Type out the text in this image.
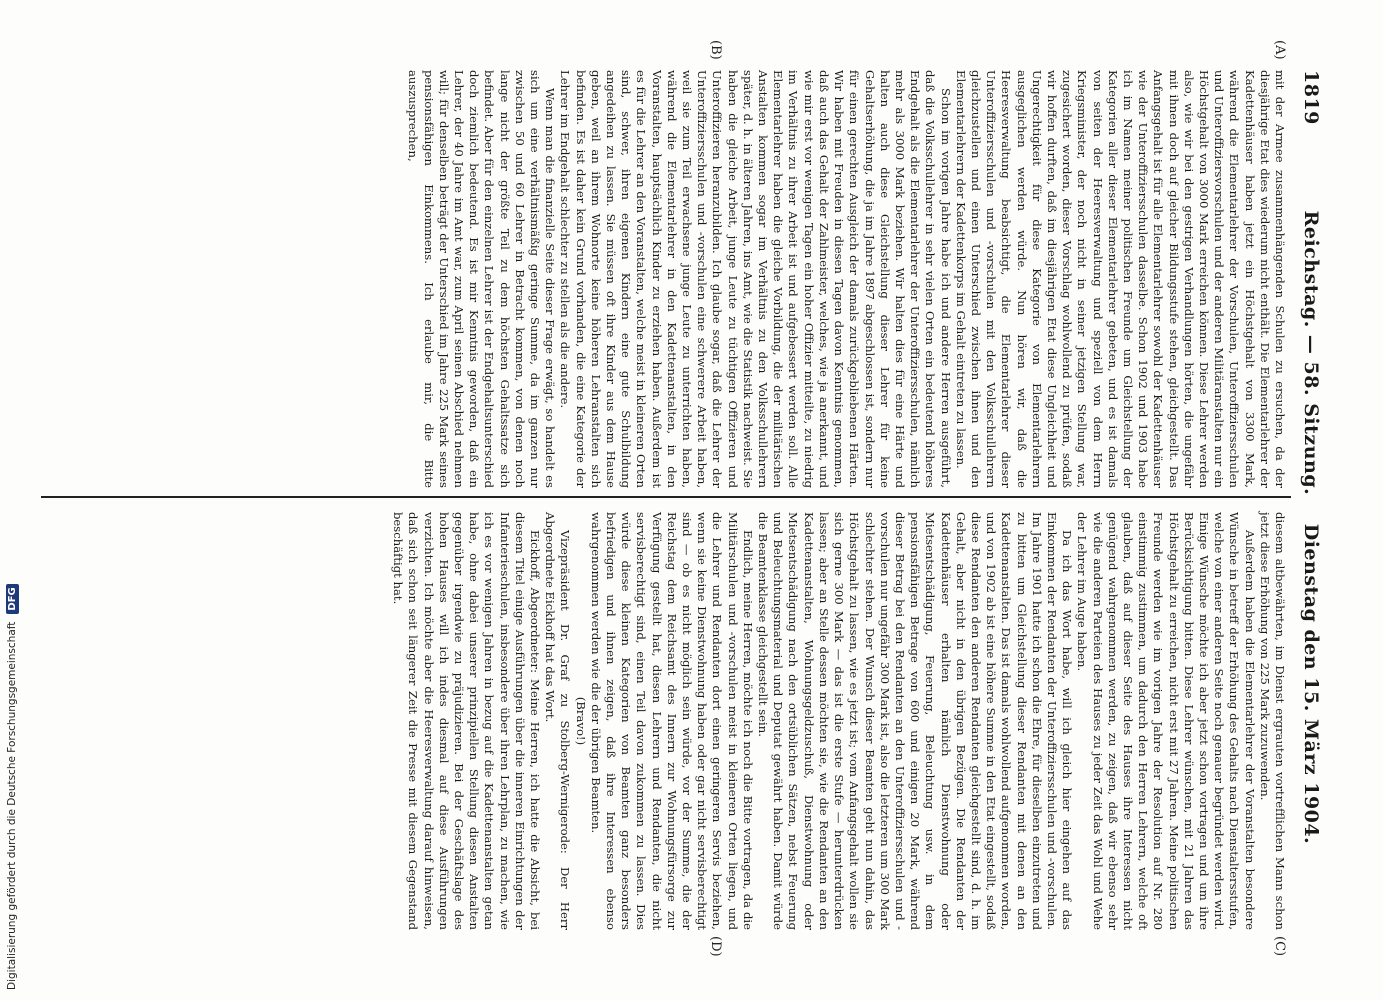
1819
Reichstag. — 58. Sitzung.    Dienstag den 15. März 1904.

diesem altbewährten, im Dienst ergrauten vortrefflichen Mann schon jetzt diese Erhöhung von 225 Mark zuzuwenden.

Außerdem haben die Elementarlehrer der Voranstalten besondere Wünsche in betreff der Erhöhung des Gehalts nach Dienstaltersstufen, welche von einer anderen Seite noch genauer begründet werden wird. Einige Wünsche möchte ich aber jetzt schon vortragen und um ihre Berücksichtigung bitten. Diese Lehrer wünschen, mit 21 Jahren das Höchstgehalt zu erreichen, nicht erst mit 27 Jahren. Meine politischen Freunde werden wie im vorigen Jahre der Resolution auf Nr. 280 einstimmig zustimmen, um dadurch den Herren Lehrern, welche oft glauben, daß auf dieser Seite des Hauses ihre Interessen nicht genügend wahrgenommen werden, zu zeigen, daß wir ebenso sehr wie die anderen Parteien des Hauses zu jeder Zeit das Wohl und Wehe der Lehrer im Auge haben.

Da ich das Wort habe, will ich gleich hier eingehen auf das Einkommen der Rendanten der Unteroffiziersschulen und -vorschulen. Im Jahre 1901 hatte ich schon die Ehre, für dieselben einzutreten und zu bitten um Gleichstellung dieser Rendanten mit denen an den Kadettenanstalten. Das ist damals wohlwollend aufgenommen worden, und von 1902 ab ist eine höhere Summe in den Etat eingestellt, sodaß diese Rendanten den anderen Rendanten gleichgestellt sind, d. h. im Gehalt, aber nicht in den übrigen Bezügen. Die Rendanten der Kadettenhäuser erhalten nämlich Dienstwohnung oder Mietsentschädigung, Feuerung, Beleuchtung usw. in dem pensionsfähigen Betrage von 600 und einigen 20 Mark, während dieser Betrag bei den Rendanten an den Unteroffiziersschulen und -vorschulen nur ungefähr 300 Mark ist, also die letzteren um 300 Mark schlechter stehen. Der Wunsch dieser Beamten geht nun dahin, das Höchstgehalt zu lassen, wie es jetzt ist; vom Anfangsgehalt wollen sie sich gerne 300 Mark — das ist die erste Stufe — herunterdrücken lassen; aber an Stelle dessen möchten sie, wie die Rendanten an den Kadettenanstalten, Wohnungsgeldzuschuß, Dienstwohnung oder Mietsentschädigung nach den ortsüblichen Sätzen, nebst Feuerung und Beleuchtungsmaterial und Deputat gewährt haben. Damit würde die Beamtenklasse gleichgestellt sein.

Endlich, meine Herren, möchte ich noch die Bitte vortragen, da die Militärschulen und -vorschulen meist in kleineren Orten liegen, und die Lehrer und Rendanten dort einen geringeren Servis beziehen, wenn sie keine Dienstwohnung haben oder gar nicht servisberechtigt sind — ob es nicht möglich sein würde, vor der Summe, die der Reichstag dem Reichsamt des Innern zur Wohnungsfürsorge zur Verfügung gestellt hat, diesen Lehrern und Rendanten, die nicht servisberechtigt sind, einen Teil davon zukommen zu lassen. Dies würde diese kleinen Kategorien von Beamten ganz besonders befriedigen und ihnen zeigen, daß ihre Interessen ebenso wahrgenommen werden wie die der übrigen Beamten.

(Bravo!)

Vizepräsident Dr. Graf zu Stolberg-Wernigerode: Der Herr Abgeordnete Eickhoff hat das Wort.

Eickhoff, Abgeordneter: Meine Herren, ich hatte die Absicht, bei diesem Titel einige Ausführungen über die inneren Einrichtungen der Infanterieschulen, insbesondere über ihren Lehrplan, zu machen, wie ich es vor wenigen Jahren in bezug auf die Kadettenanstalten getan habe, ohne dabei unserer prinzipiellen Stellung diesen Anstalten gegenüber irgendwie zu präjudizieren. Bei der Geschäftslage des hohen Hauses will ich indes diesmal auf diese Ausführungen verzichten. Ich möchte aber die Heeresverwaltung darauf hinweisen, daß sich schon seit längerer Zeit die Presse mit diesem Gegenstand beschäftigt hat.

mit der Armee zusammenhängenden Schulen zu ersuchen, da der diesjährige Etat dies wiederum nicht enthält. Die Elementarlehrer der Kadettenhäuser haben jetzt ein Höchstgehalt von 3300 Mark, während die Elementarlehrer der Vorschulen, Unteroffiziersschulen und Unteroffiziersvorschulen und der anderen Militäranstalten nur ein Höchstgehalt von 3000 Mark erreichen können. Diese Lehrer werden also, wie wir bei den gestrigen Verhandlungen hörten, die ungefähr mit ihnen doch auf gleicher Bildungsstufe stehen, gleichgestellt. Das Anfangsgehalt ist für alle Elementarlehrer sowohl der Kadettenhäuser wie der Unteroffiziersschulen dasselbe. Schon 1902 und 1903 habe ich im Namen meiner politischen Freunde um Gleichstellung der Kategorien aller dieser Elementarlehrer gebeten, und es ist damals von seiten der Heeresverwaltung und speziell von dem Herrn Kriegsminister, der noch nicht in seiner jetzigen Stellung war, zugesichert worden, dieser Vorschlag wohlwollend zu prüfen, sodaß wir hoffen durften, daß im diesjährigen Etat diese Ungleichheit und Ungerechtigkeit für diese Kategorie von Elementarlehrern ausgeglichen werden würde. Nun hören wir, daß die Heeresverwaltung beabsichtigt, die Elementarlehrer dieser Unteroffiziersschulen und -vorschulen mit den Volksschullehrern gleichzustellen und einen Unterschied zwischen ihnen und den Elementarlehrern der Kadettenkorps im Gehalt eintreten zu lassen.

Schon im vorigen Jahre habe ich und andere Herren ausgeführt, daß die Volksschullehrer in sehr vielen Orten ein bedeutend höheres Endgehalt als die Elementarlehrer der Unteroffiziersschulen, nämlich mehr als 3000 Mark beziehen. Wir halten dies für eine Härte und halten auch diese Gleichstellung dieser Lehrer für keine Gehaltserhöhung, die ja im Jahre 1897 abgeschlossen ist, sondern nur für einen gerechten Ausgleich der damals zurückgebliebenen Härten. Wir haben mit Freuden in diesen Tagen davon Kenntnis genommen, daß auch das Gehalt der Zahlmeister, welches, wie ja anerkannt, und wie mir erst vor wenigen Tagen ein hoher Offizier mitteilte, zu niedrig im Verhältnis zu ihrer Arbeit ist und aufgebessert werden soll. Alle Elementarlehrer haben die gleiche Vorbildung, die der militärischen Anstalten kommen sogar im Verhältnis zu den Volksschullehrern später, d. h. in älteren Jahren, ins Amt, wie die Statistik nachweist. Sie haben die gleiche Arbeit, junge Leute zu tüchtigen Offizieren und Unteroffizieren heranzubilden. Ich glaube sogar, daß die Lehrer der Unteroffiziersschulen und -vorschulen eine schwerere Arbeit haben, weil sie zum Teil erwachsene junge Leute zu unterrichten haben, während die Elementarlehrer in den Kadettenanstalten, in den Voranstalten, hauptsächlich Kinder zu erziehen haben. Außerdem ist es für die Lehrer an den Voranstalten, welche meist in kleineren Orten sind, schwer, ihren eigenen Kindern eine gute Schulbildung angedeihen zu lassen. Sie müssen oft ihre Kinder aus dem Hause geben, weil an ihrem Wohnorte keine höheren Lehranstalten sich befinden. Es ist daher kein Grund vorhanden, die eine Kategorie der Lehrer im Endgehalt schlechter zu stellen als die andere.

Wenn man die finanzielle Seite dieser Frage erwägt, so handelt es sich um eine verhältnismäßig geringe Summe, da im ganzen nur zwischen 50 und 60 Lehrer in Betracht kommen, von denen noch lange nicht der größte Teil zu dem höchsten Gehaltssatze sich befindet. Aber für den einzelnen Lehrer ist der Endgehaltsunterschied doch ziemlich bedeutend. Es ist mir Kenntnis geworden, daß ein Lehrer, der 40 Jahre im Amt war, zum April seinen Abschied nehmen will; für denselben beträgt der Unterschied im Jahre 225 Mark seines pensionsfähigen Einkommens. Ich erlaube mir, die Bitte auszusprechen,

(C)
(D)
(A)
(B)
Digitalisierung gefördert durch die Deutsche Forschungsgemeinschaft DFG
